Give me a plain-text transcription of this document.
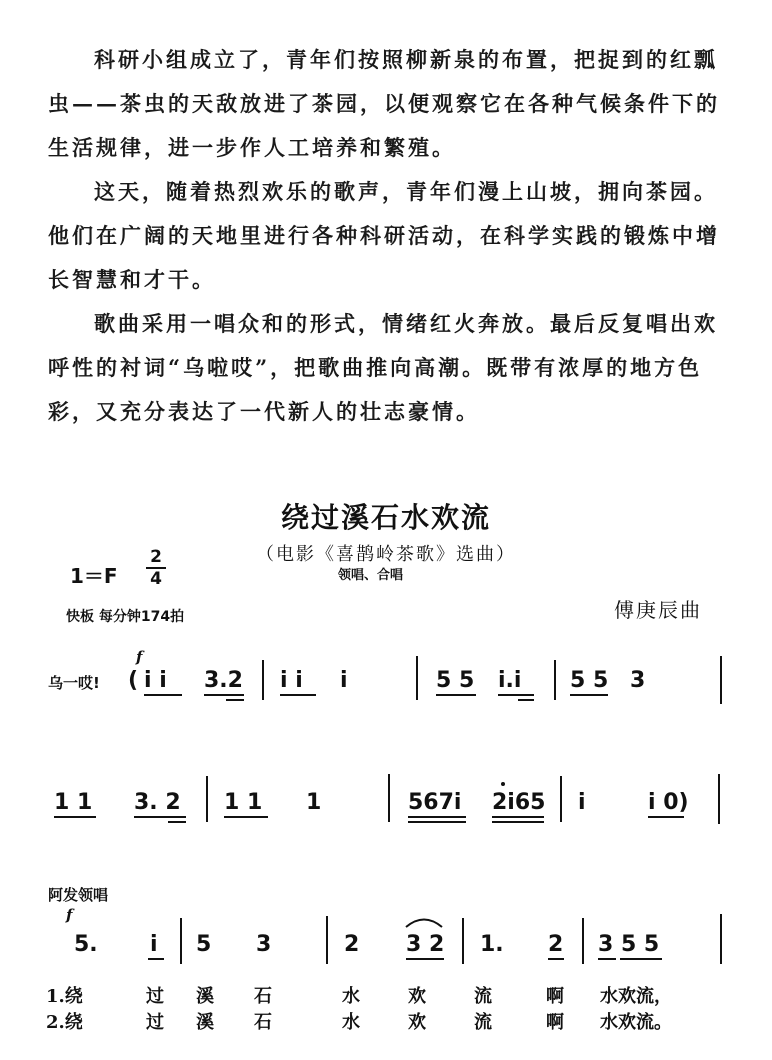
科研小组成立了，青年们按照柳新泉的布置，把捉到的红瓢虫——茶虫的天敌放进了茶园，以便观察它在各种气候条件下的生活规律，进一步作人工培养和繁殖。

这天，随着热烈欢乐的歌声，青年们漫上山坡，拥向茶园。他们在广阔的天地里进行各种科研活动，在科学实践的锻炼中增长智慧和才干。

歌曲采用一唱众和的形式，情绪红火奔放。最后反复唱出欢呼性的衬词“乌啦哎”，把歌曲推向高潮。既带有浓厚的地方色彩，又充分表达了一代新人的壮志豪情。

绕过溪石水欢流
（电影《喜鹊岭茶歌》选曲）
1＝F
2
4	领唱、合唱
快板 每分钟174拍	傅庚辰曲
乌一哎!
f
( i i 3.2 i i i	5 5 i.i 5 5 3
1 1 3. 2 1 1 1	567i 2i65 i	i 0)
阿发领唱
f
5. i 5 3	2 3 2 1. 2 3 5 5
1.绕	过 溪 石	水	欢	流	啊 水欢流，
2.绕	过 溪 石	水	欢	流	啊 水欢流。
